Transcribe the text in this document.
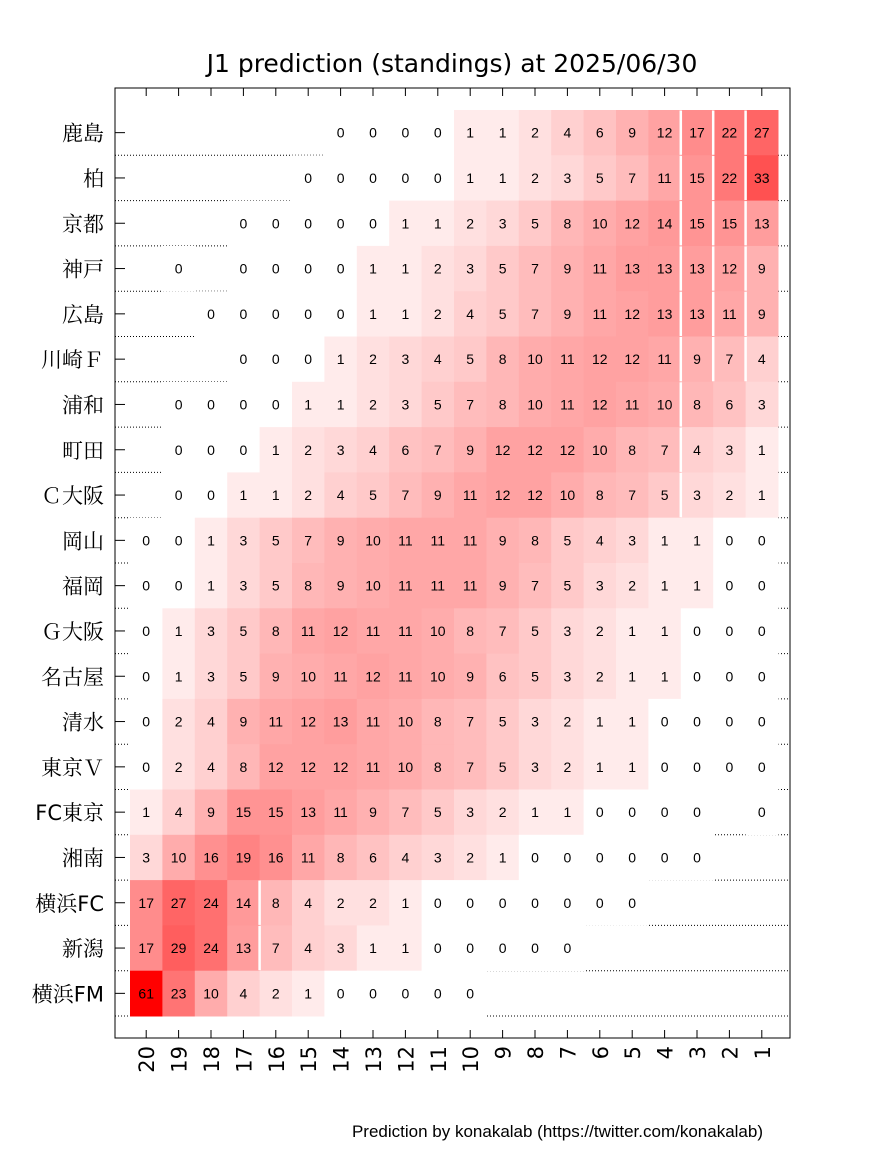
J1 prediction (standings) at 2025/06/30
0 0 0 0 1 1 2 4 6 9 12 17 22 27
0 0 0 0 0 1 1 2 3 5 7 11 15 22 33
0 0 0 0 0 1 1 2 3 5 8 10 12 14 15 15 13
0	0 0 0 0 1 1 2 3 5 7 9 11 13 13 13 12 9
0 0 0 0 0 1 1 2 4 5 7 9 11 12 13 13 11 9
0 0 0 1 2 3 4 5 8 10 11 12 12 11 9 7 4
0 0 0 0 1 1 2 3 5 7 8 10 11 12 11 10 8 6 3
0 0 0 1 2 3 4 6 7 9 12 12 12 10 8 7 4 3 1
0 0 1 1 2 4 5 7 9 11 12 12 10 8 7 5 3 2 1
0 0 1 3 5 7 9 10 11 11 11 9 8 5 4 3 1 1 0 0
0 0 1 3 5 8 9 10 11 11 11 9 7 5 3 2 1 1 0 0
0 1 3 5 8 11 12 11 11 10 8 7 5 3 2 1 1 0 0 0
0 1 3 5 9 10 11 12 11 10 9 6 5 3 2 1 1 0 0 0
0 2 4 9 11 12 13 11 10 8 7 5 3 2 1 1 0 0 0 0
0 2 4 8 12 12 12 11 10 8 7 5 3 2 1 1 0 0 0 0
1 4 9 15 15 13 11 9 7 5 3 2 1 1 0 0 0 0	0
3 10 16 19 16 11 8 6 4 3 2 1 0 0 0 0 0 0
17 27 24 14 8 4 2 2 1 0 0 0 0 0 0 0
17 29 24 13 7 4 3 1 1 0 0 0 0 0
61 23 10 4 2 1 0 0 0 0 0
鹿島
柏
京都
神戸
広島
川崎Ｆ
浦和
町田
Ｃ大阪
岡山
福岡
Ｇ大阪
名古屋
清水
東京Ｖ
FC東京
湘南
横浜FC
新潟
横浜FM
20 19 18 17 16 15 14 13 12 11 10 9 8 7 6 5 4 3 2 1
Prediction by konakalab (https://twitter.com/konakalab)
